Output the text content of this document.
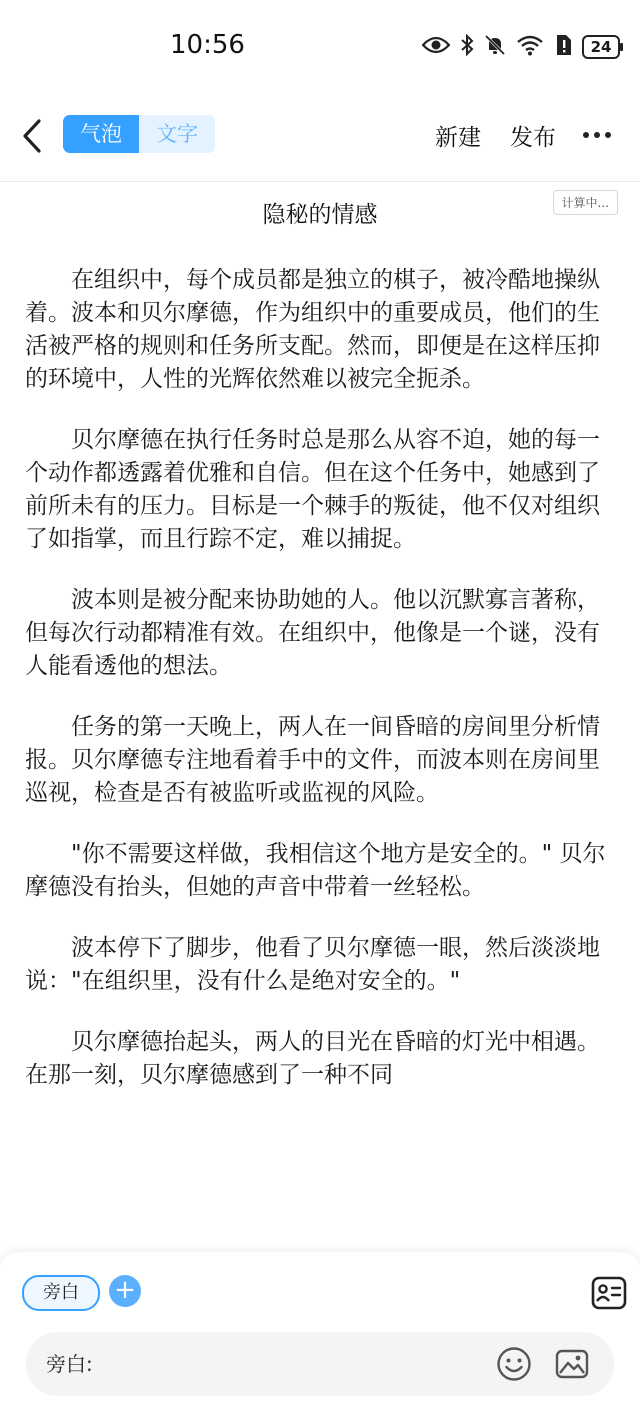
10:56	24
气泡	文字	新建 发布
隐秘的情感	计算中...

在组织中，每个成员都是独立的棋子，被冷酷地操纵着。波本和贝尔摩德，作为组织中的重要成员，他们的生活被严格的规则和任务所支配。然而，即便是在这样压抑的环境中，人性的光辉依然难以被完全扼杀。

贝尔摩德在执行任务时总是那么从容不迫，她的每一个动作都透露着优雅和自信。但在这个任务中，她感到了前所未有的压力。目标是一个棘手的叛徒，他不仅对组织了如指掌，而且行踪不定，难以捕捉。

波本则是被分配来协助她的人。他以沉默寡言著称，但每次行动都精准有效。在组织中，他像是一个谜，没有人能看透他的想法。

任务的第一天晚上，两人在一间昏暗的房间里分析情报。贝尔摩德专注地看着手中的文件，而波本则在房间里巡视，检查是否有被监听或监视的风险。

"你不需要这样做，我相信这个地方是安全的。" 贝尔摩德没有抬头，但她的声音中带着一丝轻松。

波本停下了脚步，他看了贝尔摩德一眼，然后淡淡地说："在组织里，没有什么是绝对安全的。"

贝尔摩德抬起头，两人的目光在昏暗的灯光中相遇。在那一刻，贝尔摩德感到了一种不同

旁白	+
旁白:
